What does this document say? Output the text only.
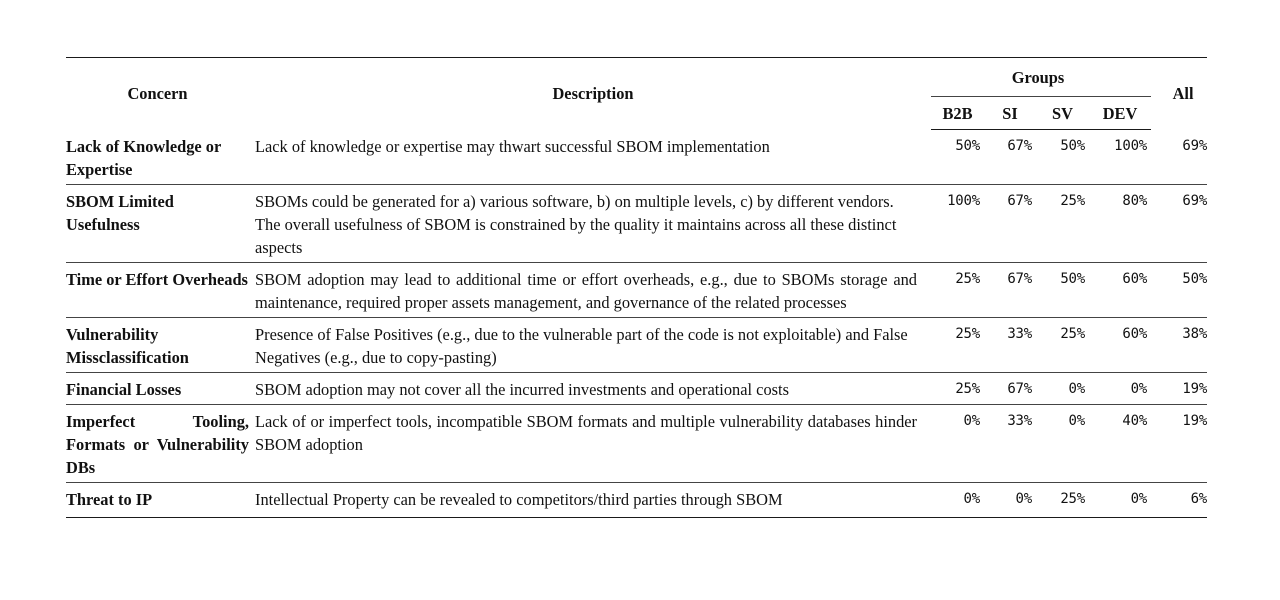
Concern	Description	Groups				All
		B2B	SI	SV	DEV	
Lack of Knowledge or Expertise	Lack of knowledge or expertise may thwart successful SBOM implementation	50%	67%	50%	100%	69%
SBOM Limited Usefulness	SBOMs could be generated for a) various software, b) on multiple levels, c) by different vendors. The overall usefulness of SBOM is constrained by the quality it maintains across all these distinct aspects	100%	67%	25%	80%	69%
Time or Effort Overheads	SBOM adoption may lead to additional time or effort overheads, e.g., due to SBOMs storage and maintenance, required proper assets management, and governance of the related processes	25%	67%	50%	60%	50%
Vulnerability Missclassification	Presence of False Positives (e.g., due to the vulnerable part of the code is not exploitable) and False Negatives (e.g., due to copy-pasting)	25%	33%	25%	60%	38%
Financial Losses	SBOM adoption may not cover all the incurred investments and operational costs	25%	67%	0%	0%	19%
Imperfect Tooling, Formats or Vulnerability DBs	Lack of or imperfect tools, incompatible SBOM formats and multiple vulnerability databases hinder SBOM adoption	0%	33%	0%	40%	19%
Threat to IP	Intellectual Property can be revealed to competitors/third parties through SBOM	0%	0%	25%	0%	6%
